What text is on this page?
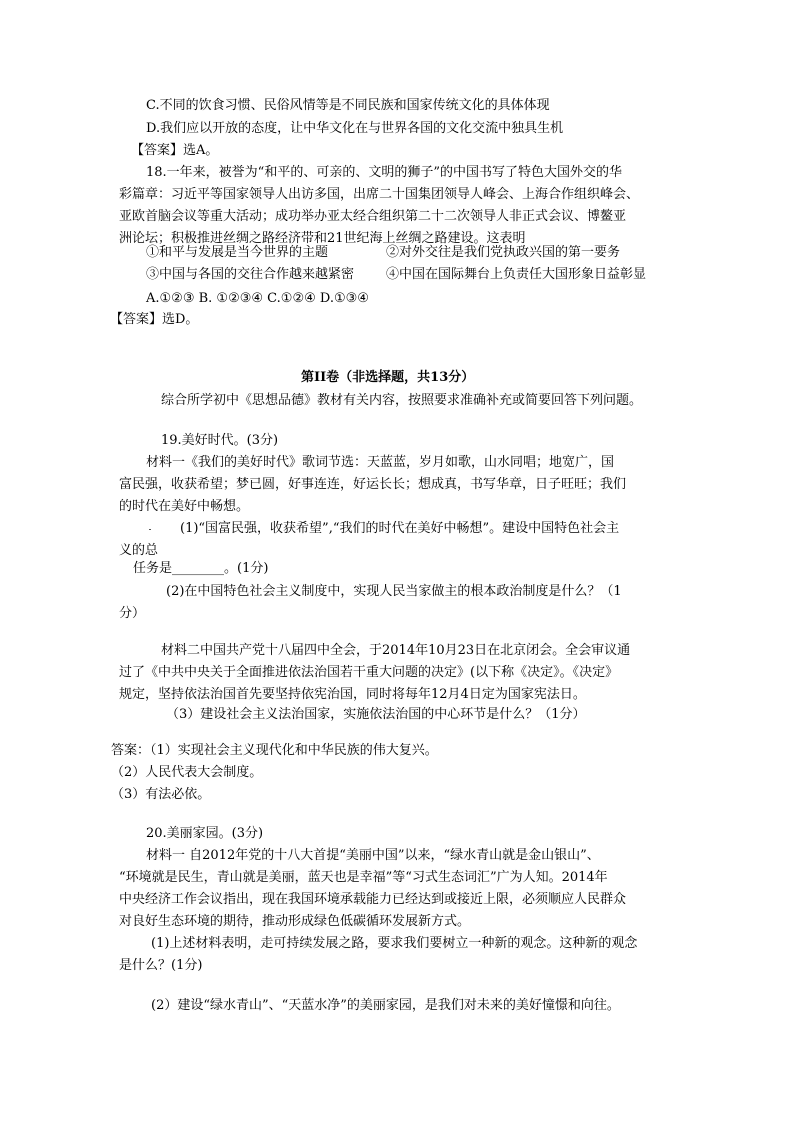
C.不同的饮食习惯、民俗风情等是不同民族和国家传统文化的具体体现
D.我们应以开放的态度，让中华文化在与世界各国的文化交流中独具生机
【答案】选A。
18.一年来，被誉为“和平的、可亲的、文明的狮子”的中国书写了特色大国外交的华
彩篇章：习近平等国家领导人出访多国，出席二十国集团领导人峰会、上海合作组织峰会、
亚欧首脑会议等重大活动；成功举办亚太经合组织第二十二次领导人非正式会议、博鳌亚
洲论坛；积极推进丝绸之路经济带和21世纪海上丝绸之路建设。这表明
①和平与发展是当今世界的主题	②对外交往是我们党执政兴国的第一要务
③中国与各国的交往合作越来越紧密 ④中国在国际舞台上负责任大国形象日益彰显
A.①②③ B. ①②③④ C.①②④ D.①③④
【答案】选D。
第II卷（非选择题，共13分）
综合所学初中《思想品德》教材有关内容，按照要求准确补充或简要回答下列问题。
19.美好时代。(3分)
材料一《我们的美好时代》歌词节选：天蓝蓝，岁月如歌，山水同唱；地宽广，国
富民强，收获希望；梦已圆，好事连连，好运长长；想成真，书写华章，日子旺旺；我们
的时代在美好中畅想。
(1)“国富民强，收获希望”,“我们的时代在美好中畅想”。建设中国特色社会主
义的总
任务是________。(1分)
(2)在中国特色社会主义制度中，实现人民当家做主的根本政治制度是什么？（1
分）
材料二中国共产党十八届四中全会，于2014年10月23日在北京闭会。全会审议通
过了《中共中央关于全面推进依法治国若干重大问题的决定》(以下称《决定》。《决定》
规定，坚持依法治国首先要坚持依宪治国，同时将每年12月4日定为国家宪法日。
（3）建设社会主义法治国家，实施依法治国的中心环节是什么？（1分）
答案：（1）实现社会主义现代化和中华民族的伟大复兴。
（2）人民代表大会制度。
（3）有法必依。
20.美丽家园。(3分)
材料一 自2012年党的十八大首提“美丽中国”以来，“绿水青山就是金山银山”、
“环境就是民生，青山就是美丽，蓝天也是幸福”等“习式生态词汇”广为人知。2014年
中央经济工作会议指出，现在我国环境承载能力已经达到或接近上限，必须顺应人民群众
对良好生态环境的期待，推动形成绿色低碳循环发展新方式。
(1)上述材料表明，走可持续发展之路，要求我们要树立一种新的观念。这种新的观念
是什么？(1分)
(2）建设“绿水青山”、“天蓝水净”的美丽家园，是我们对未来的美好憧憬和向往。
